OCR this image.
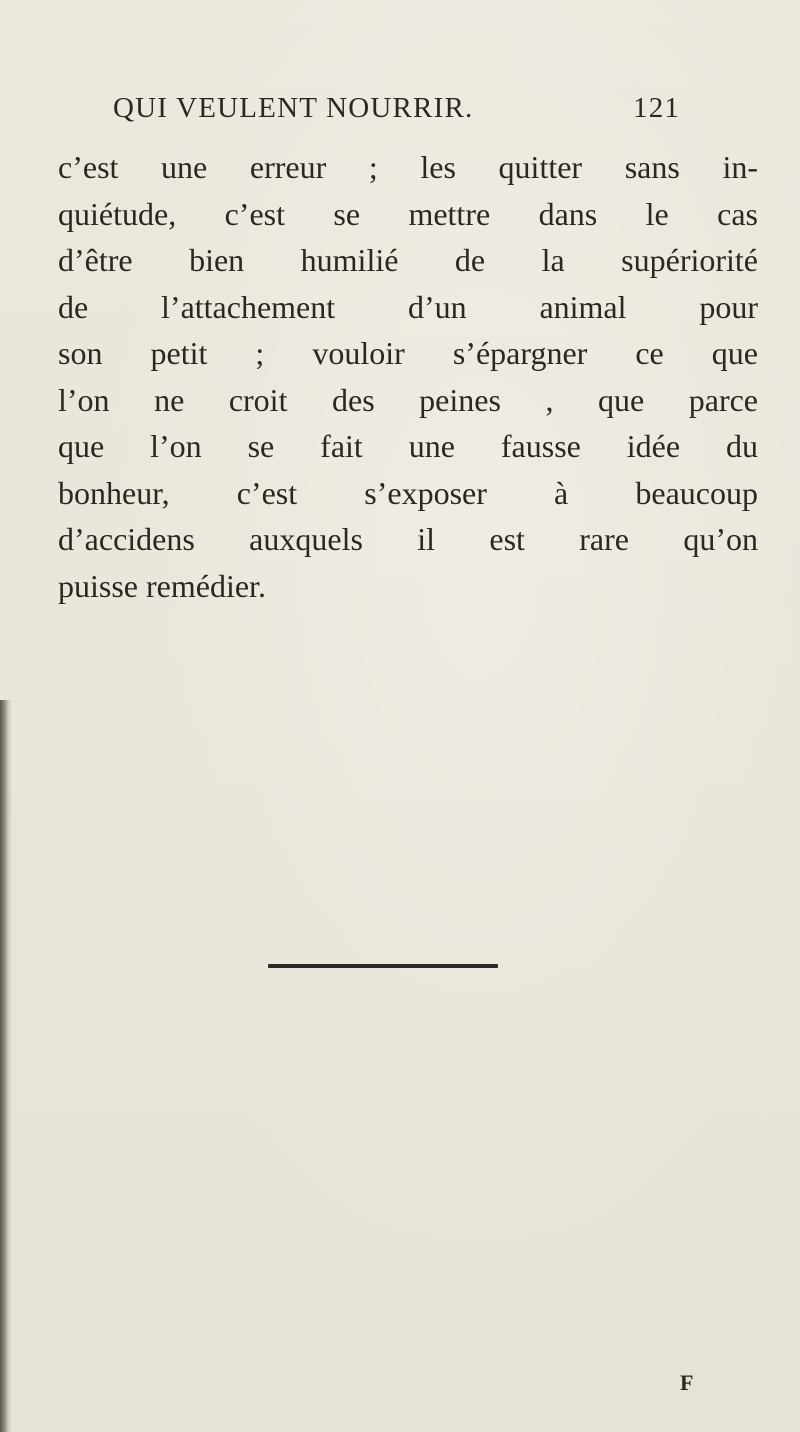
QUI VEULENT NOURRIR.	121
c’est une erreur ; les quitter sans in-
quiétude, c’est se mettre dans le cas
d’être bien humilié de la supériorité
de l’attachement d’un animal pour
son petit ; vouloir s’épargner ce que
l’on ne croit des peines , que parce
que l’on se fait une fausse idée du
bonheur, c’est s’exposer à beaucoup
d’accidens auxquels il est rare qu’on
puisse remédier.
F
